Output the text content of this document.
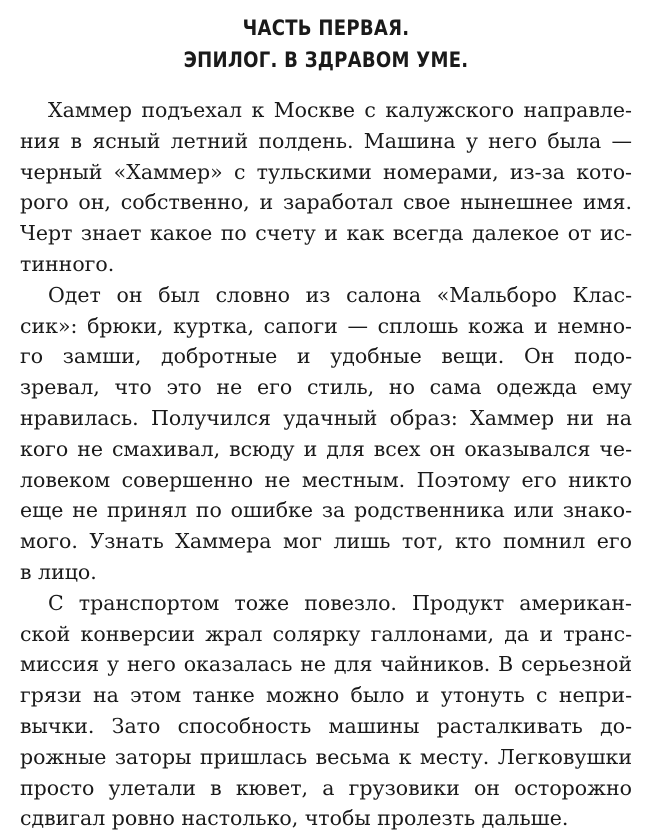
ЧАСТЬ ПЕРВАЯ.
ЭПИЛОГ. В ЗДРАВОМ УМЕ.

Хаммер подъехал к Москве с калужского направле-
ния в ясный летний полдень. Машина у него была —
черный «Хаммер» с тульскими номерами, из-за кото-
рого он, собственно, и заработал свое нынешнее имя.
Черт знает какое по счету и как всегда далекое от ис-
тинного.

Одет он был словно из салона «Мальборо Клас-
сик»: брюки, куртка, сапоги — сплошь кожа и немно-
го замши, добротные и удобные вещи. Он подо-
зревал, что это не его стиль, но сама одежда ему
нравилась. Получился удачный образ: Хаммер ни на
кого не смахивал, всюду и для всех он оказывался че-
ловеком совершенно не местным. Поэтому его никто
еще не принял по ошибке за родственника или знако-
мого. Узнать Хаммера мог лишь тот, кто помнил его
в лицо.

С транспортом тоже повезло. Продукт американ-
ской конверсии жрал солярку галлонами, да и транс-
миссия у него оказалась не для чайников. В серьезной
грязи на этом танке можно было и утонуть с непри-
вычки. Зато способность машины расталкивать до-
рожные заторы пришлась весьма к месту. Легковушки
просто улетали в кювет, а грузовики он осторожно
сдвигал ровно настолько, чтобы пролезть дальше.
